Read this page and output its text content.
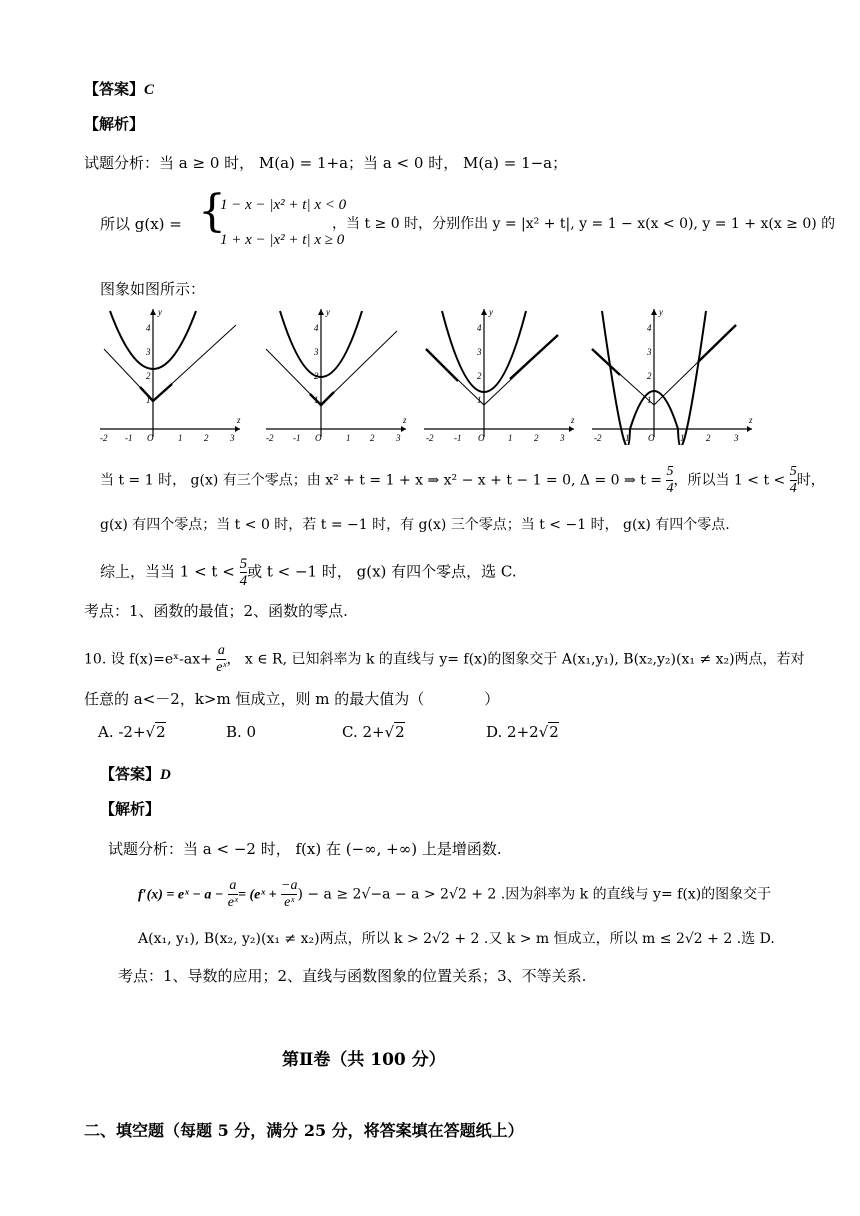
【答案】C
【解析】
试题分析：当 a ≥ 0 时， M(a) = 1+a；当 a < 0 时， M(a) = 1−a；
所以 g(x) = {
1 − x − |x² + t| x < 0
1 + x − |x² + t| x ≥ 0
，当 t ≥ 0 时，分别作出 y = |x² + t|, y = 1 − x(x < 0), y = 1 + x(x ≥ 0) 的
图象如图所示：
-2 -1 O	1 2 3
1
2
3
4
y
z
-2 -1 O	1 2 3
1
2
3
4
y
z
-2 -1 O	1 2 3
1
2
3
4
y
z
-2 -1 O	1 2	3
1
2
3
4
y
z
当 t = 1 时， g(x) 有三个零点；由 x² + t = 1 + x ⇒ x² − x + t − 1 = 0, Δ = 0 ⇒ $t = \frac{5}{4}$ ，所以当 $1 < t < \frac{5}{4}$ 时，
g(x) 有四个零点；当 t < 0 时，若 t = −1 时，有 g(x) 三个零点；当 t < −1 时， g(x) 有四个零点.
综上，当当 $1 < t < \frac{5}{4}$ 或 t < −1 时， g(x) 有四个零点，选 C.
考点：1、函数的最值；2、函数的零点.
10. 设 f(x)=eˣ-ax+ $\frac{a}{\text{eˣ}}$ ， x ∈ R, 已知斜率为 k 的直线与 y= f(x)的图象交于 A(x₁,y₁), B(x₂,y₂)(x₁ ≠ x₂)两点，若对
任意的 a<－2，k>m 恒成立，则 m 的最大值为（　　　　）
A. -2+√2	B. 0	C. 2+√2	D. 2+2√2
【答案】D
【解析】
试题分析：当 a < −2 时， f(x) 在 (−∞, +∞) 上是增函数.
f′(x) = eˣ − $a - \frac{a}{\text{eˣ}}$ = (eˣ + $\frac{-a}{\text{eˣ}}$ ) − a ≥ 2√−a − a > 2√2 + 2 .因为斜率为 k 的直线与 y= f(x)的图象交于
A(x₁, y₁), B(x₂, y₂)(x₁ ≠ x₂)两点，所以 k > 2√2 + 2 .又 k > m 恒成立，所以 m ≤ 2√2 + 2 .选 D.
考点：1、导数的应用；2、直线与函数图象的位置关系；3、不等关系.
第Ⅱ卷（共 100 分）
二、填空题（每题 5 分，满分 25 分，将答案填在答题纸上）
